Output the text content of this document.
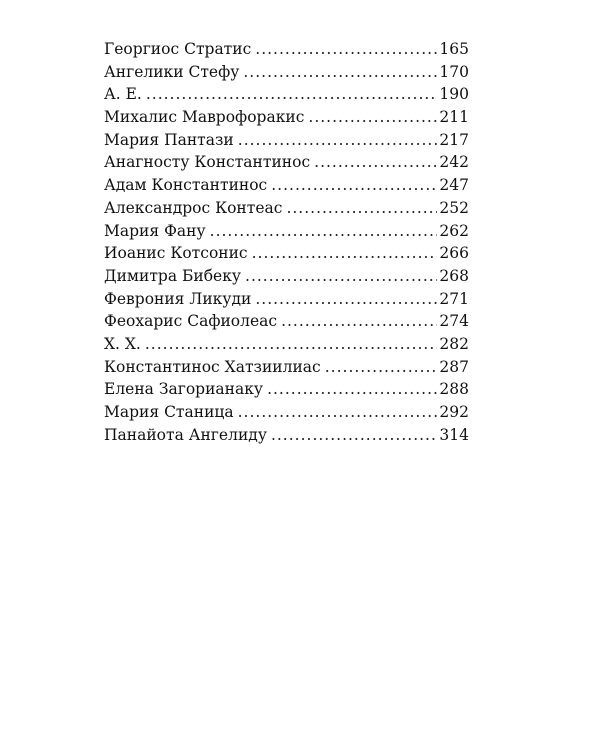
Георгиос Стратис .....	165
Ангелики Стефу .....	170
А. Е. .....	190
Михалис Маврофоракис .....	211
Мария Пантази .....	217
Анагносту Константинос .....	242
Адам Константинос .....	247
Александрос Контеас .....	252
Мария Фану .....	262
Иоанис Котсонис .....	266
Димитра Бибеку .....	268
Феврония Ликуди .....	271
Феохарис Сафиолеас .....	274
Х. Х. .....	282
Константинос Хатзиилиас .....	287
Елена Загорианаку .....	288
Мария Станица .....	292
Панайота Ангелиду .....	314
